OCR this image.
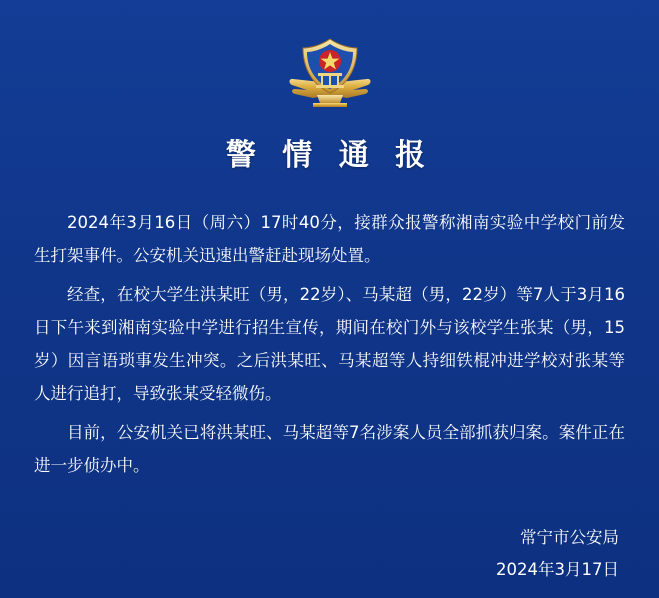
警 情 通 报

2024年3月16日（周六）17时40分，接群众报警称湘南实验中学校门前发生打架事件。公安机关迅速出警赶赴现场处置。

经查，在校大学生洪某旺（男，22岁）、马某超（男，22岁）等7人于3月16日下午来到湘南实验中学进行招生宣传，期间在校门外与该校学生张某（男，15岁）因言语琐事发生冲突。之后洪某旺、马某超等人持细铁棍冲进学校对张某等人进行追打，导致张某受轻微伤。

目前，公安机关已将洪某旺、马某超等7名涉案人员全部抓获归案。案件正在进一步侦办中。

常宁市公安局
2024年3月17日
